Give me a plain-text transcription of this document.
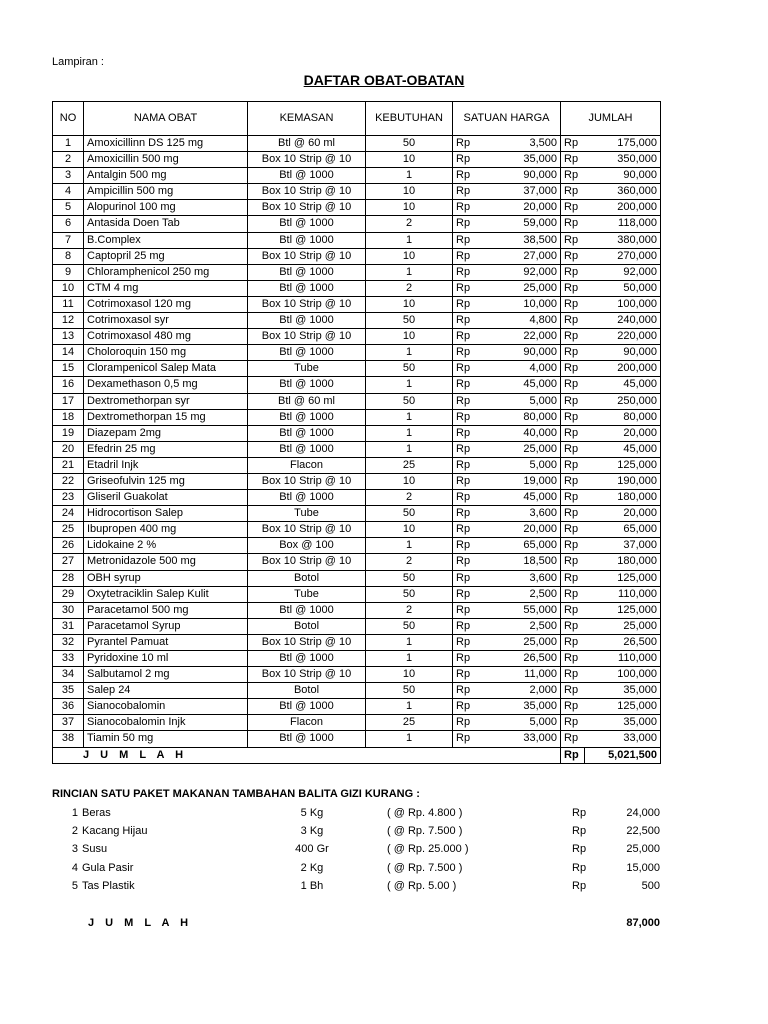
Lampiran :
DAFTAR OBAT-OBATAN
NO	NAMA OBAT	KEMASAN	KEBUTUHAN	SATUAN HARGA		JUMLAH	
1	Amoxicillinn DS 125 mg	Btl @ 60 ml	50	Rp	3,500	Rp	175,000
2	Amoxicillin 500 mg	Box 10 Strip @ 10	10	Rp	35,000	Rp	350,000
3	Antalgin 500 mg	Btl @ 1000	1	Rp	90,000	Rp	90,000
4	Ampicillin 500 mg	Box 10 Strip @ 10	10	Rp	37,000	Rp	360,000
5	Alopurinol 100 mg	Box 10 Strip @ 10	10	Rp	20,000	Rp	200,000
6	Antasida Doen Tab	Btl @ 1000	2	Rp	59,000	Rp	118,000
7	B.Complex	Btl @ 1000	1	Rp	38,500	Rp	380,000
8	Captopril 25 mg	Box 10 Strip @ 10	10	Rp	27,000	Rp	270,000
9	Chloramphenicol 250 mg	Btl @ 1000	1	Rp	92,000	Rp	92,000
10	CTM 4 mg	Btl @ 1000	2	Rp	25,000	Rp	50,000
11	Cotrimoxasol 120 mg	Box 10 Strip @ 10	10	Rp	10,000	Rp	100,000
12	Cotrimoxasol syr	Btl @ 1000	50	Rp	4,800	Rp	240,000
13	Cotrimoxasol 480 mg	Box 10 Strip @ 10	10	Rp	22,000	Rp	220,000
14	Choloroquin 150 mg	Btl @ 1000	1	Rp	90,000	Rp	90,000
15	Clorampenicol Salep Mata	Tube	50	Rp	4,000	Rp	200,000
16	Dexamethason 0,5 mg	Btl @ 1000	1	Rp	45,000	Rp	45,000
17	Dextromethorpan syr	Btl @ 60 ml	50	Rp	5,000	Rp	250,000
18	Dextromethorpan 15 mg	Btl @ 1000	1	Rp	80,000	Rp	80,000
19	Diazepam 2mg	Btl @ 1000	1	Rp	40,000	Rp	20,000
20	Efedrin 25 mg	Btl @ 1000	1	Rp	25,000	Rp	45,000
21	Etadril Injk	Flacon	25	Rp	5,000	Rp	125,000
22	Griseofulvin 125 mg	Box 10 Strip @ 10	10	Rp	19,000	Rp	190,000
23	Gliseril Guakolat	Btl @ 1000	2	Rp	45,000	Rp	180,000
24	Hidrocortison Salep	Tube	50	Rp	3,600	Rp	20,000
25	Ibupropen 400 mg	Box 10 Strip @ 10	10	Rp	20,000	Rp	65,000
26	Lidokaine 2 %	Box @ 100	1	Rp	65,000	Rp	37,000
27	Metronidazole 500 mg	Box 10 Strip @ 10	2	Rp	18,500	Rp	180,000
28	OBH syrup	Botol	50	Rp	3,600	Rp	125,000
29	Oxytetraciklin Salep Kulit	Tube	50	Rp	2,500	Rp	110,000
30	Paracetamol 500 mg	Btl @ 1000	2	Rp	55,000	Rp	125,000
31	Paracetamol Syrup	Botol	50	Rp	2,500	Rp	25,000
32	Pyrantel Pamuat	Box 10 Strip @ 10	1	Rp	25,000	Rp	26,500
33	Pyridoxine 10 ml	Btl @ 1000	1	Rp	26,500	Rp	110,000
34	Salbutamol 2 mg	Box 10 Strip @ 10	10	Rp	11,000	Rp	100,000
35	Salep 24	Botol	50	Rp	2,000	Rp	35,000
36	Sianocobalomin	Btl @ 1000	1	Rp	35,000	Rp	125,000
37	Sianocobalomin Injk	Flacon	25	Rp	5,000	Rp	35,000
38	Tiamin 50 mg	Btl @ 1000	1	Rp	33,000	Rp	33,000
J U M L A H						Rp	5,021,500
RINCIAN SATU PAKET MAKANAN TAMBAHAN BALITA GIZI KURANG :
1	Beras	5 Kg		( @ Rp. 4.800 )	Rp	24,000
2	Kacang Hijau	3 Kg		( @ Rp. 7.500 )	Rp	22,500
3	Susu	400 Gr		( @ Rp. 25.000 )	Rp	25,000
4	Gula Pasir	2 Kg		( @ Rp. 7.500 )	Rp	15,000
5	Tas Plastik	1 Bh		( @ Rp. 5.00 )	Rp	500
J U M L A H	87,000
